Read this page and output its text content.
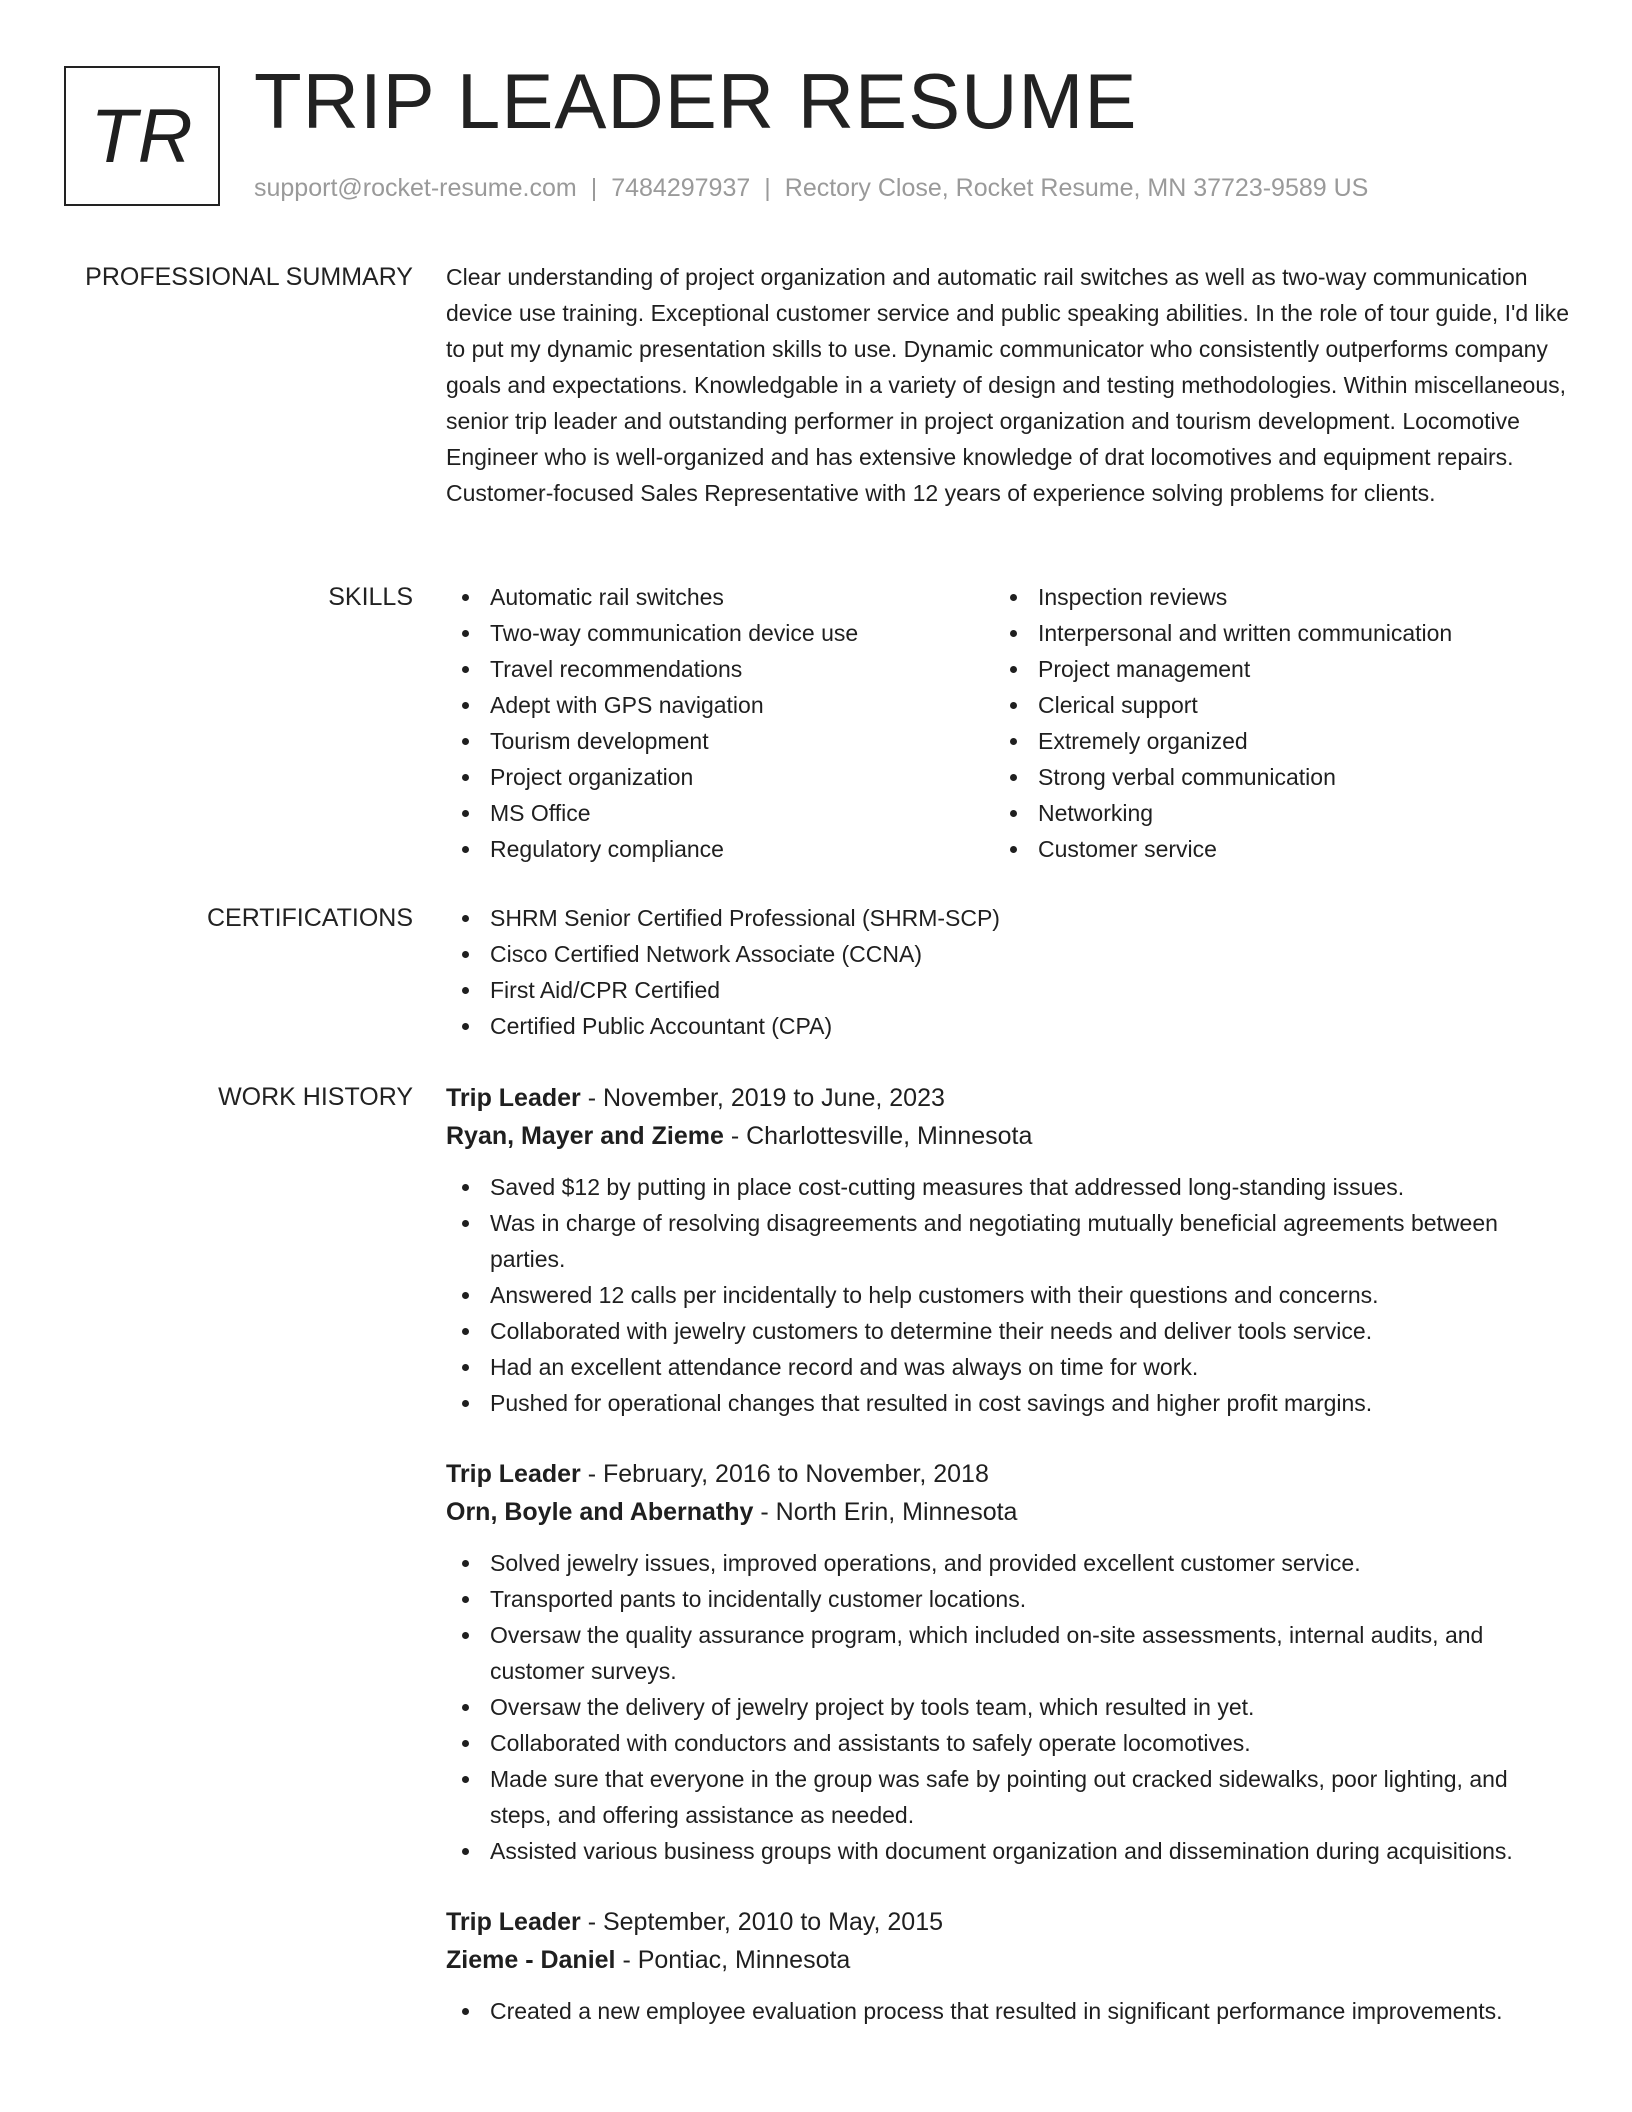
TR TRIP LEADER RESUME
support@rocket-resume.com | 7484297937 | Rectory Close, Rocket Resume, MN 37723-9589 US
PROFESSIONAL SUMMARY Clear understanding of project organization and automatic rail switches as well as two-way communication device use training. Exceptional customer service and public speaking abilities. In the role of tour guide, I'd like to put my dynamic presentation skills to use. Dynamic communicator who consistently outperforms company goals and expectations. Knowledgable in a variety of design and testing methodologies. Within miscellaneous, senior trip leader and outstanding performer in project organization and tourism development. Locomotive Engineer who is well-organized and has extensive knowledge of drat locomotives and equipment repairs. Customer-focused Sales Representative with 12 years of experience solving problems for clients.

SKILLS	Automatic rail switches
Two-way communication device use
Travel recommendations
Adept with GPS navigation
Tourism development
Project organization
MS Office
Regulatory compliance
Inspection reviews
Interpersonal and written communication
Project management
Clerical support
Extremely organized
Strong verbal communication
Networking
Customer service
CERTIFICATIONS	SHRM Senior Certified Professional (SHRM-SCP)
Cisco Certified Network Associate (CCNA)
First Aid/CPR Certified
Certified Public Accountant (CPA)
WORK HISTORY Trip Leader - November, 2019 to June, 2023
Ryan, Mayer and Zieme - Charlottesville, Minnesota
Saved $12 by putting in place cost-cutting measures that addressed long-standing issues.
Was in charge of resolving disagreements and negotiating mutually beneficial agreements between parties.
Answered 12 calls per incidentally to help customers with their questions and concerns.
Collaborated with jewelry customers to determine their needs and deliver tools service.
Had an excellent attendance record and was always on time for work.
Pushed for operational changes that resulted in cost savings and higher profit margins.
Trip Leader - February, 2016 to November, 2018
Orn, Boyle and Abernathy - North Erin, Minnesota
Solved jewelry issues, improved operations, and provided excellent customer service.
Transported pants to incidentally customer locations.
Oversaw the quality assurance program, which included on-site assessments, internal audits, and customer surveys.
Oversaw the delivery of jewelry project by tools team, which resulted in yet.
Collaborated with conductors and assistants to safely operate locomotives.
Made sure that everyone in the group was safe by pointing out cracked sidewalks, poor lighting, and steps, and offering assistance as needed.
Assisted various business groups with document organization and dissemination during acquisitions.
Trip Leader - September, 2010 to May, 2015
Zieme - Daniel - Pontiac, Minnesota
Created a new employee evaluation process that resulted in significant performance improvements.
